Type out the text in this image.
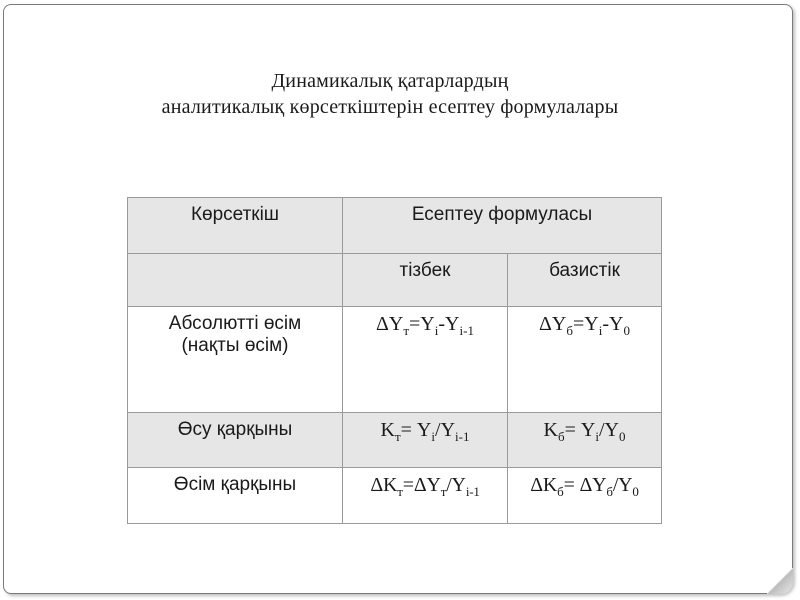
Динамикалық қатарлардың
аналитикалық көрсеткіштерін есептеу формулалары
Көрсеткіш	Есептеу формуласы	
	тізбек	базистік

Абсолютті өсім
(нақты өсім)	$\Delta Y_т=Y_i-Y_{i-1}$	$\Delta Y_б=Y_i-Y_0$
Өсу қарқыны	$K_т= Y_i/Y_{i-1}$	$K_б= Y_i/Y_0$
Өсім қарқыны	$\Delta K_т=\Delta Y_т/Y_{i-1}$	$\Delta K_б= \Delta Y_б/Y_0$
